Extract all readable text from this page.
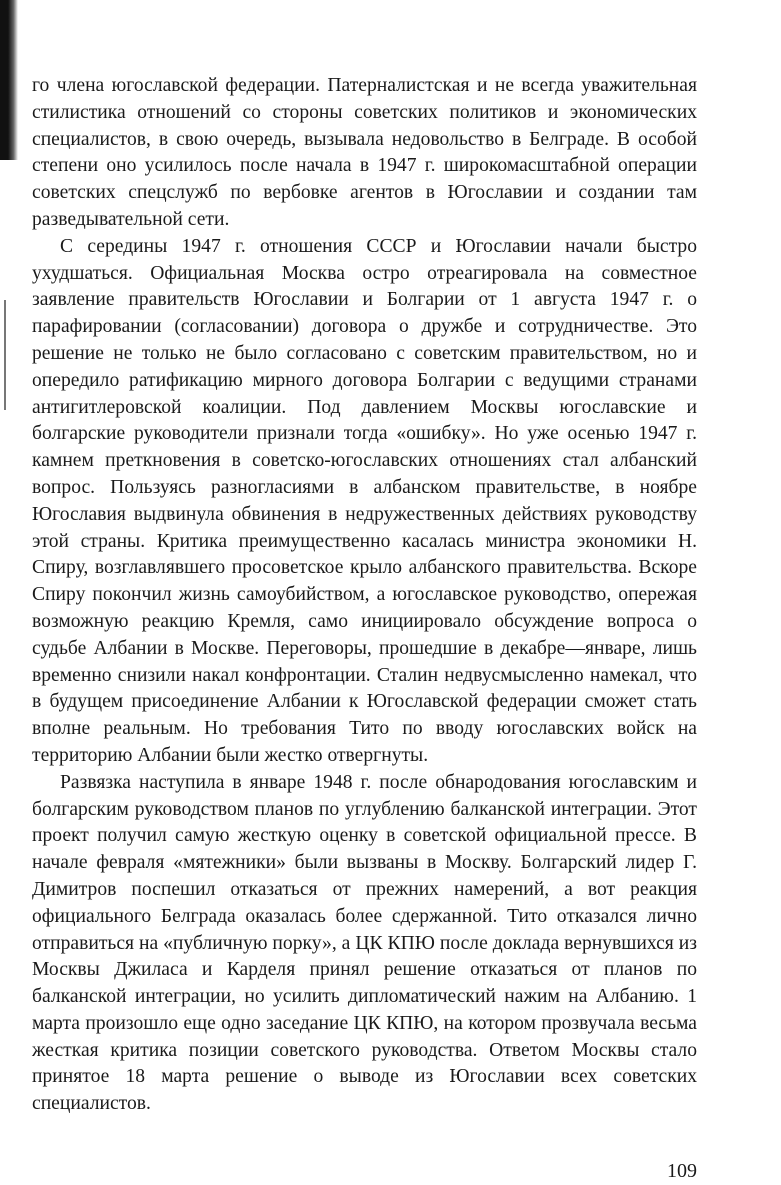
го члена югославской федерации. Патерналистская и не всегда уважительная стилистика отношений со стороны советских политиков и экономических специалистов, в свою очередь, вызывала недовольство в Белграде. В особой степени оно усилилось после начала в 1947 г. широкомасштабной операции советских спецслужб по вербовке агентов в Югославии и создании там разведывательной сети.

С середины 1947 г. отношения СССР и Югославии начали быстро ухудшаться. Официальная Москва остро отреагировала на совместное заявление правительств Югославии и Болгарии от 1 августа 1947 г. о парафировании (согласовании) договора о дружбе и сотрудничестве. Это решение не только не было согласовано с советским правительством, но и опередило ратификацию мирного договора Болгарии с ведущими странами антигитлеровской коалиции. Под давлением Москвы югославские и болгарские руководители признали тогда «ошибку». Но уже осенью 1947 г. камнем преткновения в советско-югославских отношениях стал албанский вопрос. Пользуясь разногласиями в албанском правительстве, в ноябре Югославия выдвинула обвинения в недружественных действиях руководству этой страны. Критика преимущественно касалась министра экономики Н. Спиру, возглавлявшего просоветское крыло албанского правительства. Вскоре Спиру покончил жизнь самоубийством, а югославское руководство, опережая возможную реакцию Кремля, само инициировало обсуждение вопроса о судьбе Албании в Москве. Переговоры, прошедшие в декабре—январе, лишь временно снизили накал конфронтации. Сталин недвусмысленно намекал, что в будущем присоединение Албании к Югославской федерации сможет стать вполне реальным. Но требования Тито по вводу югославских войск на территорию Албании были жестко отвергнуты.

Развязка наступила в январе 1948 г. после обнародования югославским и болгарским руководством планов по углублению балканской интеграции. Этот проект получил самую жесткую оценку в советской официальной прессе. В начале февраля «мятежники» были вызваны в Москву. Болгарский лидер Г. Димитров поспешил отказаться от прежних намерений, а вот реакция официального Белграда оказалась более сдержанной. Тито отказался лично отправиться на «публичную порку», а ЦК КПЮ после доклада вернувшихся из Москвы Джиласа и Карделя принял решение отказаться от планов по балканской интеграции, но усилить дипломатический нажим на Албанию. 1 марта произошло еще одно заседание ЦК КПЮ, на котором прозвучала весьма жесткая критика позиции советского руководства. Ответом Москвы стало принятое 18 марта решение о выводе из Югославии всех советских специалистов.

109
